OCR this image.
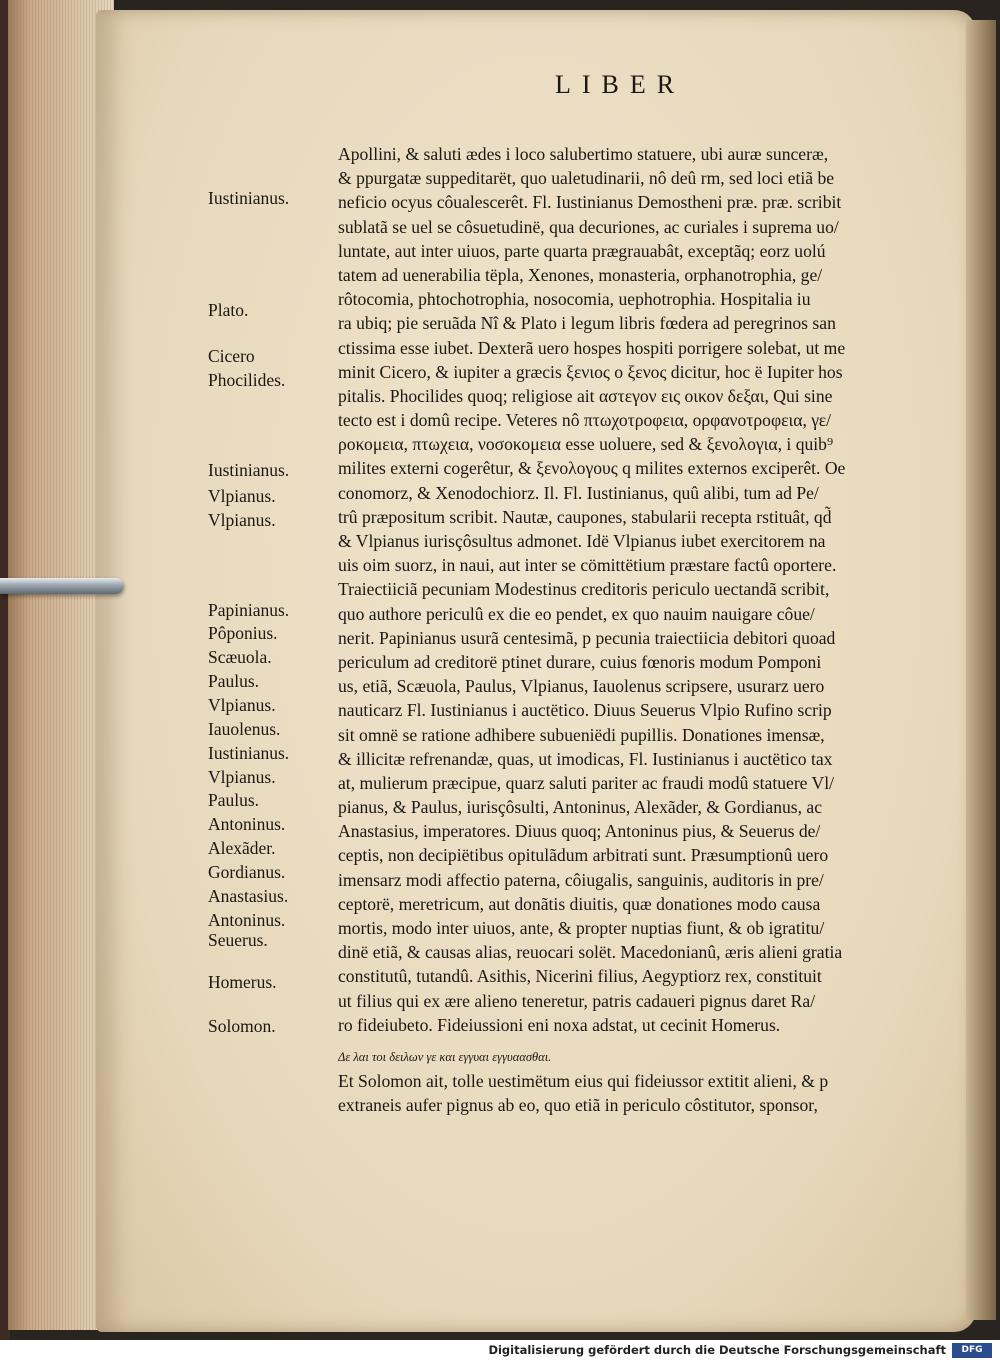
LIBER
Apollini, & saluti ædes i loco salubertimo statuere, ubi auræ sunceræ,
& ppurgatæ suppeditarët, quo ualetudinarii, nô deû rm, sed loci etiã be
neficio ocyus côualescerêt. Fl. Iustinianus Demostheni præ. præ. scribit
sublatã se uel se côsuetudinë, qua decuriones, ac curiales i suprema uo/
luntate, aut inter uiuos, parte quarta prægrauabât, exceptãq; eorz uolú
tatem ad uenerabilia tëpla, Xenones, monasteria, orphanotrophia, ge/
rôtocomia, phtochotrophia, nosocomia, uephotrophia. Hospitalia iu
ra ubiq; pie seruãda Nî & Plato i legum libris fœdera ad peregrinos san
ctissima esse iubet. Dexterã uero hospes hospiti porrigere solebat, ut me
minit Cicero, & iupiter a græcis ξενιος ο ξενος dicitur, hoc ë Iupiter hos
pitalis. Phocilides quoq; religiose ait αστεγον εις οικον δεξαι, Qui sine
tecto est i domû recipe. Veteres nô πτωχοτροφεια, ορφανοτροφεια, γε/
ροκομεια, πτωχεια, νοσοκομεια esse uoluere, sed & ξενολογια, i quib⁹
milites externi cogerêtur, & ξενολογους q milites externos exciperêt. Oe
conomorz, & Xenodochiorz. Il. Fl. Iustinianus, quû alibi, tum ad Pe/
trû præpositum scribit. Nautæ, caupones, stabularii recepta rstituât, qd̃
& Vlpianus iurisçôsultus admonet. Idë Vlpianus iubet exercitorem na
uis oim suorz, in naui, aut inter se cömittëtium præstare factû oportere.
Traiectiiciã pecuniam Modestinus creditoris periculo uectandã scribit,
quo authore periculû ex die eo pendet, ex quo nauim nauigare côue/
nerit. Papinianus usurã centesimã, p pecunia traiectiicia debitori quoad
periculum ad creditorë ptinet durare, cuius fœnoris modum Pomponi
us, etiã, Scæuola, Paulus, Vlpianus, Iauolenus scripsere, usurarz uero
nauticarz Fl. Iustinianus i auctëtico. Diuus Seuerus Vlpio Rufino scrip
sit omnë se ratione adhibere subueniëdi pupillis. Donationes imensæ,
& illicitæ refrenandæ, quas, ut imodicas, Fl. Iustinianus i auctëtico tax
at, mulierum præcipue, quarz saluti pariter ac fraudi modû statuere Vl/
pianus, & Paulus, iurisçôsulti, Antoninus, Alexãder, & Gordianus, ac
Anastasius, imperatores. Diuus quoq; Antoninus pius, & Seuerus de/
ceptis, non decipiëtibus opitulãdum arbitrati sunt. Præsumptionû uero
imensarz modi affectio paterna, côiugalis, sanguinis, auditoris in pre/
ceptorë, meretricum, aut donãtis diuitis, quæ donationes modo causa
mortis, modo inter uiuos, ante, & propter nuptias fiunt, & ob igratitu/
dinë etiã, & causas alias, reuocari solët. Macedonianû, æris alieni gratia
constitutû, tutandû. Asithis, Nicerini filius, Aegyptiorz rex, constituit
ut filius qui ex ære alieno teneretur, patris cadaueri pignus daret Ra/
ro fideiubeto. Fideiussioni eni noxa adstat, ut cecinit Homerus.
Δε λαι τοι δειλων γε και εγγυαι εγγυαασθαι.
Et Solomon ait, tolle uestimëtum eius qui fideiussor extitit alieni, & p
extraneis aufer pignus ab eo, quo etiã in periculo côstitutor, sponsor,
Iustinianus.
Plato.
Cicero
Phocilides.
Iustinianus.
Vlpianus.
Vlpianus.
Papinianus.
Pôponius.
Scæuola.
Paulus.
Vlpianus.
Iauolenus.
Iustinianus.
Vlpianus.
Paulus.
Antoninus.
Alexãder.
Gordianus.
Anastasius.
Antoninus.
Seuerus.
Homerus.
Solomon.
Digitalisierung gefördert durch die Deutsche Forschungsgemeinschaft	DFG
